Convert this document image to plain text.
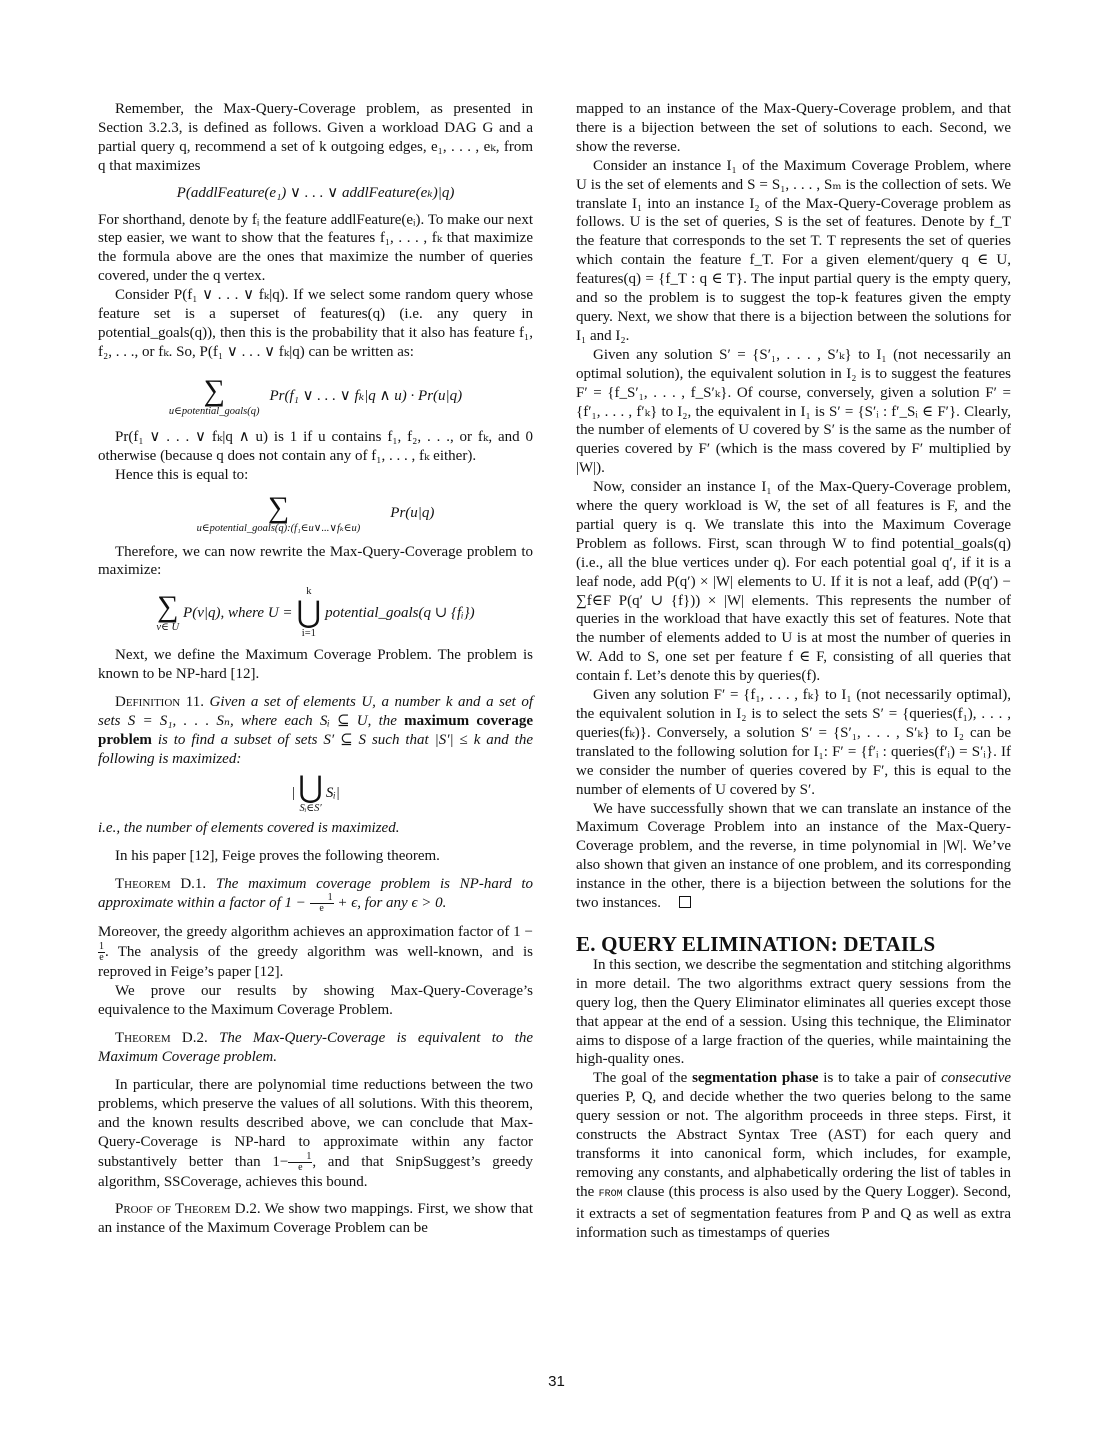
Remember, the Max-Query-Coverage problem, as presented in Section 3.2.3, is defined as follows. Given a workload DAG G and a partial query q, recommend a set of k outgoing edges, e₁, . . . , eₖ, from q that maximizes

P(addlFeature(e₁) ∨ . . . ∨ addlFeature(eₖ)|q)

For shorthand, denote by fᵢ the feature addlFeature(eᵢ). To make our next step easier, we want to show that the features f₁, . . . , fₖ that maximize the formula above are the ones that maximize the number of queries covered, under the q vertex.

Consider P(f₁ ∨ . . . ∨ fₖ|q). If we select some random query whose feature set is a superset of features(q) (i.e. any query in potential_goals(q)), then this is the probability that it also has feature f₁, f₂, . . ., or fₖ. So, P(f₁ ∨ . . . ∨ fₖ|q) can be written as:

∑
u∈potential_goals(q)
Pr(f₁ ∨ . . . ∨ fₖ|q ∧ u) · Pr(u|q)

Pr(f₁ ∨ . . . ∨ fₖ|q ∧ u) is 1 if u contains f₁, f₂, . . ., or fₖ, and 0 otherwise (because q does not contain any of f₁, . . . , fₖ either).

Hence this is equal to:

∑
u∈potential_goals(q):(f₁∈u∨...∨fₖ∈u)
Pr(u|q)

Therefore, we can now rewrite the Max-Query-Coverage problem to maximize:

∑
v∈ U
P(v|q), where U =
k
⋃
i=1
potential_goals(q ∪ {fᵢ})

Next, we define the Maximum Coverage Problem. The problem is known to be NP-hard [12].

Definition 11. Given a set of elements U, a number k and a set of sets S = S₁, . . . Sₙ, where each Sᵢ ⊆ U, the maximum coverage problem is to find a subset of sets S′ ⊆ S such that |S′| ≤ k and the following is maximized:

| ⋃
Sᵢ∈S′
Sᵢ|

i.e., the number of elements covered is maximized.

In his paper [12], Feige proves the following theorem.

Theorem D.1. The maximum coverage problem is NP-hard to approximate within a factor of $1 - \frac{1}{e} + \epsilon$, for any ϵ > 0.

Moreover, the greedy algorithm achieves an approximation factor of 1 −
$\frac{1}{e}$. The analysis of the greedy algorithm was well-known, and is reproved in Feige’s paper [12].

We prove our results by showing Max-Query-Coverage’s equivalence to the Maximum Coverage Problem.

Theorem D.2. The Max-Query-Coverage is equivalent to the Maximum Coverage problem.

In particular, there are polynomial time reductions between the two problems, which preserve the values of all solutions. With this theorem, and the known results described above, we can conclude that Max-Query-Coverage is NP-hard to approximate within any factor substantively better than $1- \frac{1}{e}$, and that SnipSuggest’s greedy algorithm, SSCoverage, achieves this bound.

Proof of Theorem D.2. We show two mappings. First, we show that an instance of the Maximum Coverage Problem can be

mapped to an instance of the Max-Query-Coverage problem, and that there is a bijection between the set of solutions to each. Second, we show the reverse.

Consider an instance I₁ of the Maximum Coverage Problem, where U is the set of elements and S = S₁, . . . , Sₘ is the collection of sets. We translate I₁ into an instance I₂ of the Max-Query-Coverage problem as follows. U is the set of queries, S is the set of features. Denote by f_T the feature that corresponds to the set T. T represents the set of queries which contain the feature f_T. For a given element/query q ∈ U, features(q) = {f_T : q ∈ T}. The input partial query is the empty query, and so the problem is to suggest the top-k features given the empty query. Next, we show that there is a bijection between the solutions for I₁ and I₂.

Given any solution S′ = {S′₁, . . . , S′ₖ} to I₁ (not necessarily an optimal solution), the equivalent solution in I₂ is to suggest the features F′ = {f_S′₁, . . . , f_S′ₖ}. Of course, conversely, given a solution F′ = {f′₁, . . . , f′ₖ} to I₂, the equivalent in I₁ is S′ = {S′ᵢ : f′_Sᵢ ∈ F′}. Clearly, the number of elements of U covered by S′ is the same as the number of queries covered by F′ (which is the mass covered by F′ multiplied by |W|).

Now, consider an instance I₁ of the Max-Query-Coverage problem, where the query workload is W, the set of all features is F, and the partial query is q. We translate this into the Maximum Coverage Problem as follows. First, scan through W to find potential_goals(q) (i.e., all the blue vertices under q). For each potential goal q′, if it is a leaf node, add P(q′) × |W| elements to U. If it is not a leaf, add (P(q′) − ∑f∈F P(q′ ∪ {f})) × |W| elements. This represents the number of queries in the workload that have exactly this set of features. Note that the number of elements added to U is at most the number of queries in W. Add to S, one set per feature f ∈ F, consisting of all queries that contain f. Let’s denote this by queries(f).

Given any solution F′ = {f₁, . . . , fₖ} to I₁ (not necessarily optimal), the equivalent solution in I₂ is to select the sets S′ = {queries(f₁), . . . , queries(fₖ)}. Conversely, a solution S′ = {S′₁, . . . , S′ₖ} to I₂ can be translated to the following solution for I₁: F′ = {f′ᵢ : queries(f′ᵢ) = S′ᵢ}. If we consider the number of queries covered by F′, this is equal to the number of elements of U covered by S′.

We have successfully shown that we can translate an instance of the Maximum Coverage Problem into an instance of the Max-Query-Coverage problem, and the reverse, in time polynomial in |W|. We’ve also shown that given an instance of one problem, and its corresponding instance in the other, there is a bijection between the solutions for the two instances.

E. QUERY ELIMINATION: DETAILS

In this section, we describe the segmentation and stitching algorithms in more detail. The two algorithms extract query sessions from the query log, then the Query Eliminator eliminates all queries except those that appear at the end of a session. Using this technique, the Eliminator aims to dispose of a large fraction of the queries, while maintaining the high-quality ones.

The goal of the segmentation phase is to take a pair of consecutive queries P, Q, and decide whether the two queries belong to the same query session or not. The algorithm proceeds in three steps. First, it constructs the Abstract Syntax Tree (AST) for each query and transforms it into canonical form, which includes, for example, removing any constants, and alphabetically ordering the list of tables in the FROM clause (this process is also used by the Query Logger). Second, it extracts a set of segmentation features from P and Q as well as extra information such as timestamps of queries

31
